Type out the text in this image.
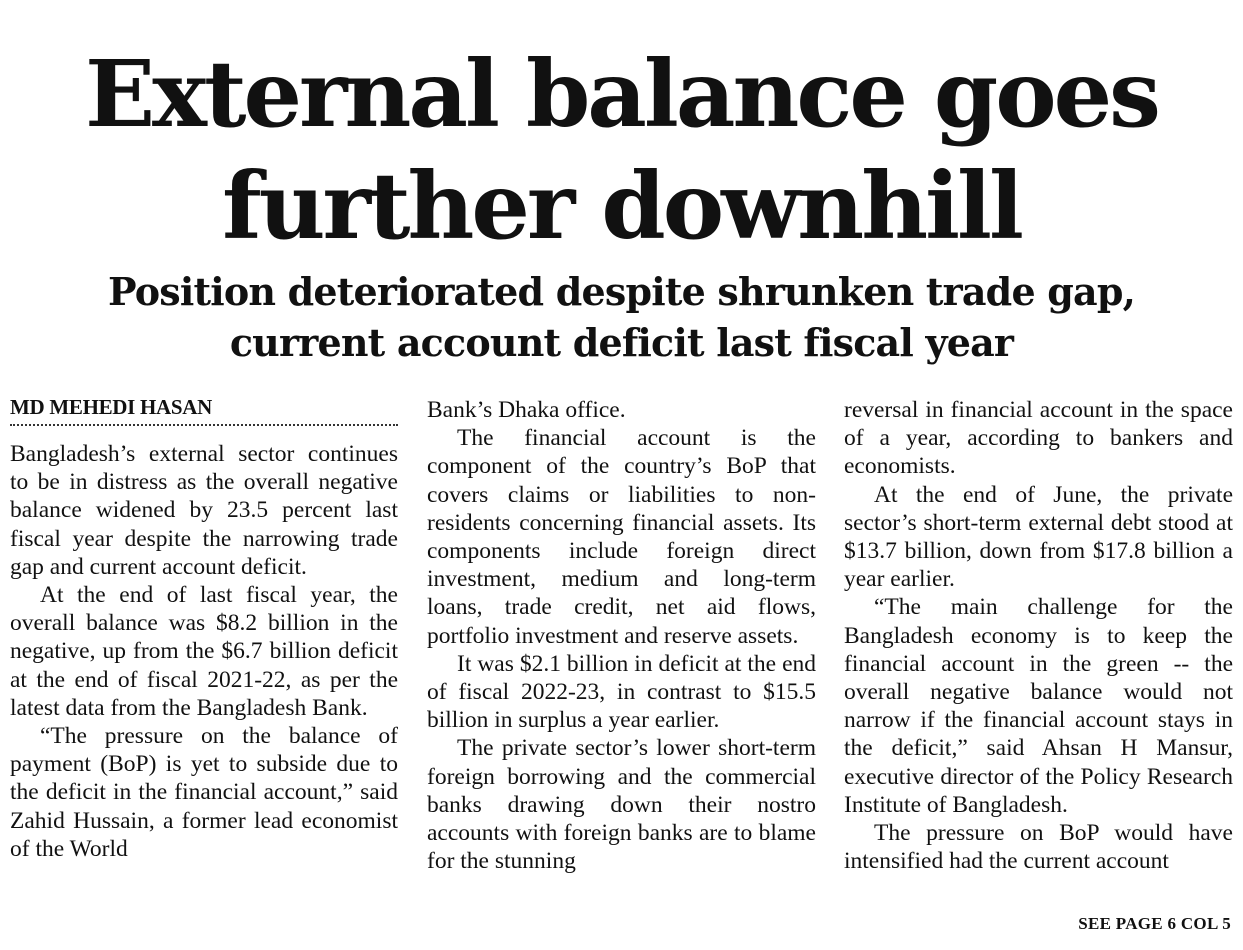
External balance goes
further downhill
Position deteriorated despite shrunken trade gap,
current account deficit last fiscal year
MD MEHEDI HASAN

Bangladesh’s external sector continues to be in distress as the overall negative balance widened by 23.5 percent last fiscal year despite the narrowing trade gap and current account deficit.

At the end of last fiscal year, the overall balance was $8.2 billion in the negative, up from the $6.7 billion deficit at the end of fiscal 2021-22, as per the latest data from the Bangladesh Bank.

“The pressure on the balance of payment (BoP) is yet to subside due to the deficit in the financial account,” said Zahid Hussain, a former lead economist of the World

Bank’s Dhaka office.

The financial account is the component of the country’s BoP that covers claims or liabilities to non-residents concerning financial assets. Its components include foreign direct investment, medium and long-term loans, trade credit, net aid flows, portfolio investment and reserve assets.

It was $2.1 billion in deficit at the end of fiscal 2022-23, in contrast to $15.5 billion in surplus a year earlier.

The private sector’s lower short-term foreign borrowing and the commercial banks drawing down their nostro accounts with foreign banks are to blame for the stunning

reversal in financial account in the space of a year, according to bankers and economists.

At the end of June, the private sector’s short-term external debt stood at $13.7 billion, down from $17.8 billion a year earlier.

“The main challenge for the Bangladesh economy is to keep the financial account in the green -- the overall negative balance would not narrow if the financial account stays in the deficit,” said Ahsan H Mansur, executive director of the Policy Research Institute of Bangladesh.

The pressure on BoP would have intensified had the current account

SEE PAGE 6 COL 5
